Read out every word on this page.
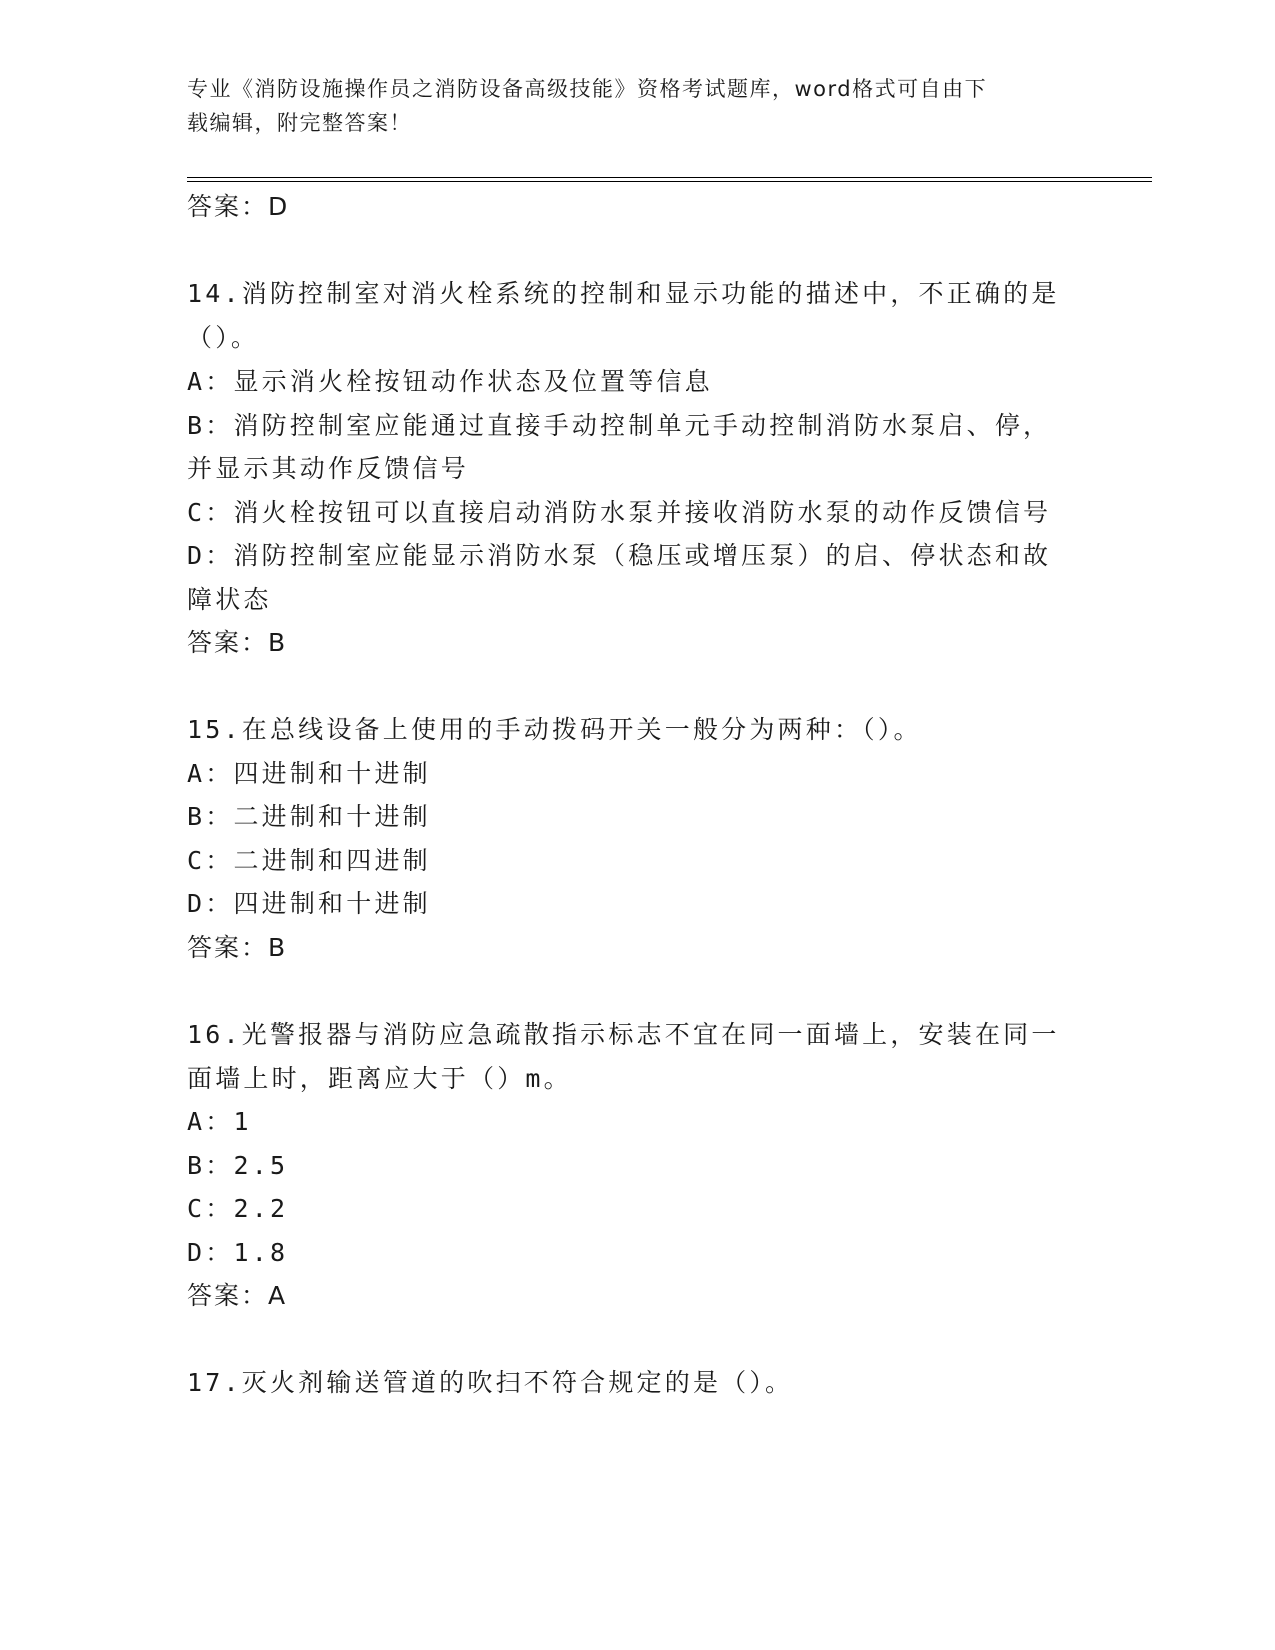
专业《消防设施操作员之消防设备高级技能》资格考试题库，word格式可自由下
载编辑，附完整答案！
答案：D
14.消防控制室对消火栓系统的控制和显示功能的描述中，不正确的是
（）。
A：显示消火栓按钮动作状态及位置等信息
B：消防控制室应能通过直接手动控制单元手动控制消防水泵启、停，
并显示其动作反馈信号
C：消火栓按钮可以直接启动消防水泵并接收消防水泵的动作反馈信号
D：消防控制室应能显示消防水泵（稳压或增压泵）的启、停状态和故
障状态
答案：B
15.在总线设备上使用的手动拨码开关一般分为两种：（）。
A：四进制和十进制
B：二进制和十进制
C：二进制和四进制
D：四进制和十进制
答案：B
16.光警报器与消防应急疏散指示标志不宜在同一面墙上，安装在同一
面墙上时，距离应大于（）m。
A：1
B：2.5
C：2.2
D：1.8
答案：A
17.灭火剂输送管道的吹扫不符合规定的是（）。
